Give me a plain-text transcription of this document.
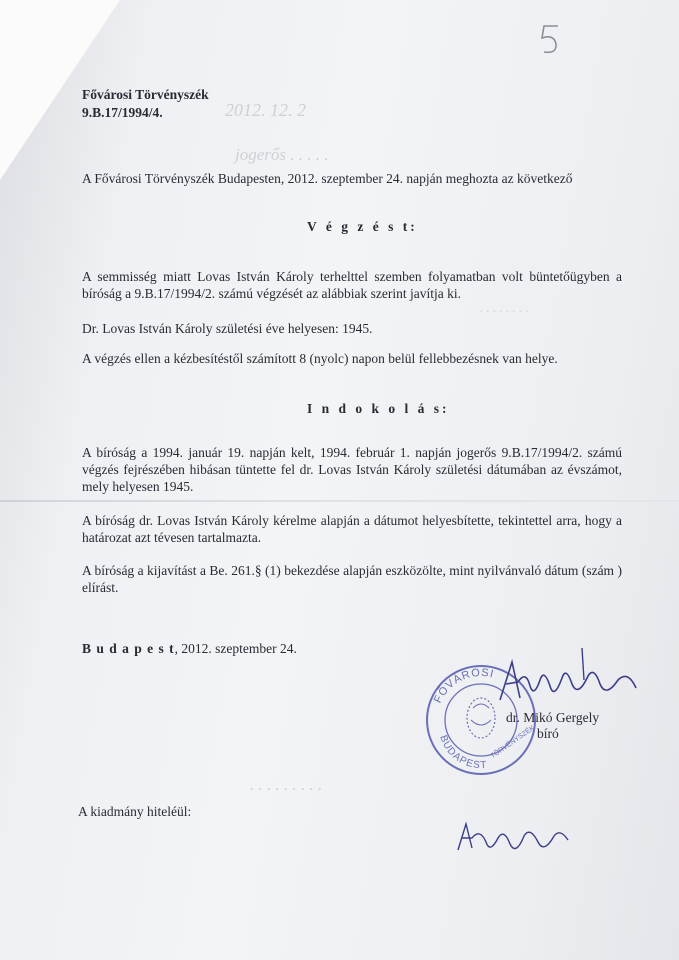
2012. 12. 2
jogerős . . . . .
. . . . . . . .
. . . . . . . . .
Fővárosi Törvényszék
9.B.17/1994/4.
A Fővárosi Törvényszék Budapesten, 2012. szeptember 24. napján meghozta az következő
V é g z é s t:
A semmisség miatt Lovas István Károly terhelttel szemben folyamatban volt büntetőügyben a bíróság a 9.B.17/1994/2. számú végzését az alábbiak szerint javítja ki.
Dr. Lovas István Károly születési éve helyesen: 1945.
A végzés ellen a kézbesítéstől számított 8 (nyolc) napon belül fellebbezésnek van helye.
I n d o k o l á s:
A bíróság a 1994. január 19. napján kelt, 1994. február 1. napján jogerős 9.B.17/1994/2. számú végzés fejrészében hibásan tüntette fel dr. Lovas István Károly születési dátumában az évszámot, mely helyesen 1945.
A bíróság dr. Lovas István Károly kérelme alapján a dátumot helyesbítette, tekintettel arra, hogy a határozat azt tévesen tartalmazta.
A bíróság a kijavítást a Be. 261.§ (1) bekezdése alapján eszközölte, mint nyilvánvaló dátum (szám ) elírást.
B u d a p e s t, 2012. szeptember 24.
FŐVÁROSI
BUDAPEST
TÖRVÉNYSZÉK
dr. Mikó Gergely
bíró
A kiadmány hiteléül:
